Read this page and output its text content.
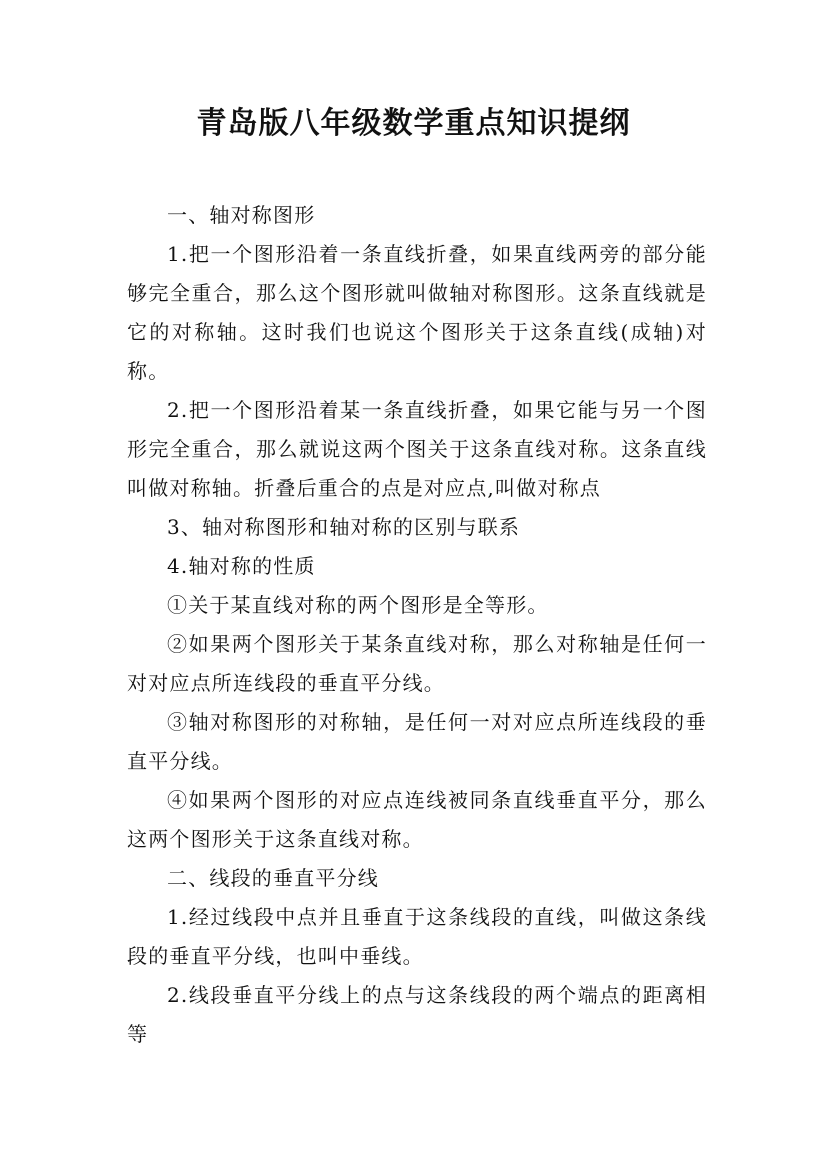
青岛版八年级数学重点知识提纲

一、轴对称图形

1.把一个图形沿着一条直线折叠，如果直线两旁的部分能够完全重合，那么这个图形就叫做轴对称图形。这条直线就是它的对称轴。这时我们也说这个图形关于这条直线(成轴)对称。

2.把一个图形沿着某一条直线折叠，如果它能与另一个图形完全重合，那么就说这两个图关于这条直线对称。这条直线叫做对称轴。折叠后重合的点是对应点,叫做对称点

3、轴对称图形和轴对称的区别与联系

4.轴对称的性质

①关于某直线对称的两个图形是全等形。

②如果两个图形关于某条直线对称，那么对称轴是任何一对对应点所连线段的垂直平分线。

③轴对称图形的对称轴，是任何一对对应点所连线段的垂直平分线。

④如果两个图形的对应点连线被同条直线垂直平分，那么这两个图形关于这条直线对称。

二、线段的垂直平分线

1.经过线段中点并且垂直于这条线段的直线，叫做这条线段的垂直平分线，也叫中垂线。

2.线段垂直平分线上的点与这条线段的两个端点的距离相等
